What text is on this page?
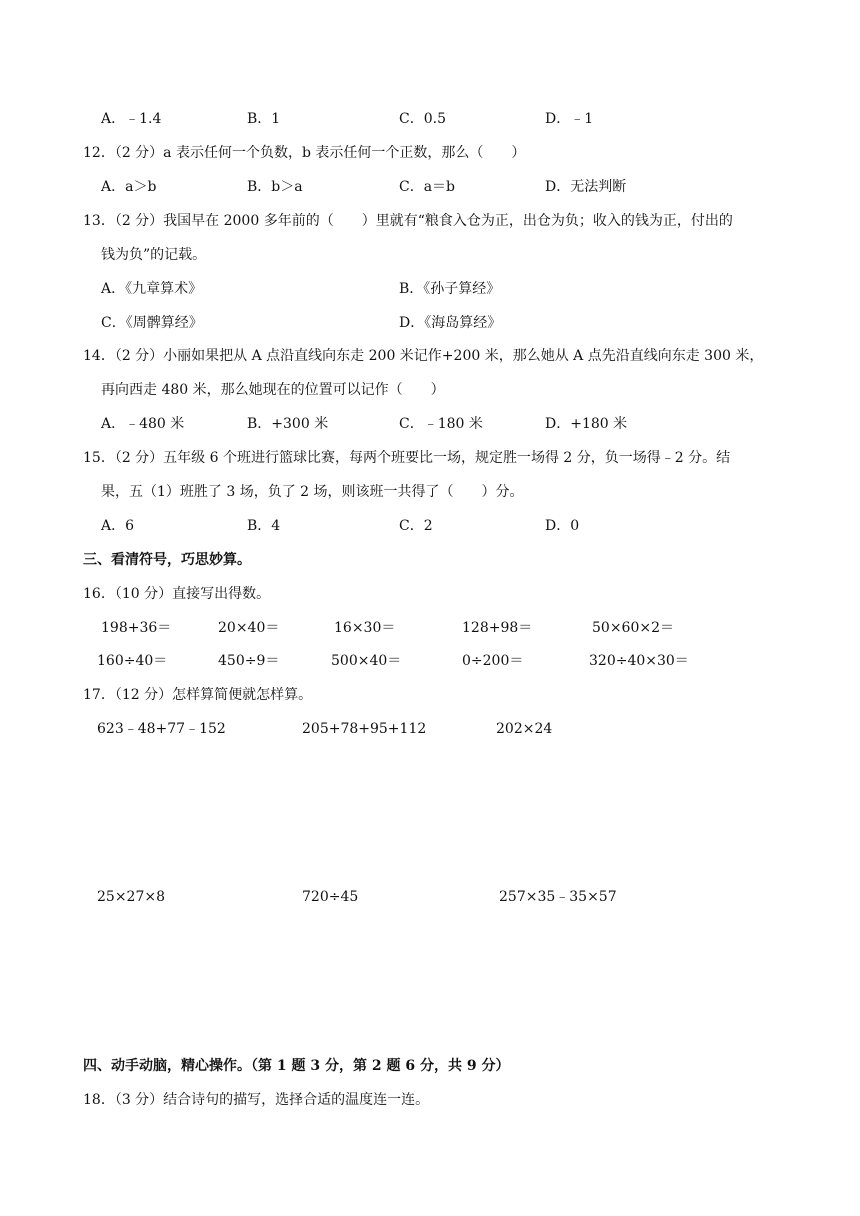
A．﹣1.4	B．1	C．0.5	D．﹣1
12．（2 分）a 表示任何一个负数，b 表示任何一个正数，那么（　　）
A．a＞b	B．b＞a	C．a＝b	D．无法判断
13．（2 分）我国早在 2000 多年前的（　　）里就有“粮食入仓为正，出仓为负；收入的钱为正，付出的
钱为负”的记载。
A．《九章算术》	B．《孙子算经》
C．《周髀算经》	D．《海岛算经》
14．（2 分）小丽如果把从 A 点沿直线向东走 200 米记作+200 米，那么她从 A 点先沿直线向东走 300 米，
再向西走 480 米，那么她现在的位置可以记作（　　）
A．﹣480 米	B．+300 米	C．﹣180 米	D．+180 米
15．（2 分）五年级 6 个班进行篮球比赛，每两个班要比一场，规定胜一场得 2 分，负一场得﹣2 分。结
果，五（1）班胜了 3 场，负了 2 场，则该班一共得了（　　）分。
A．6	B．4	C．2	D．0
三、看清符号，巧思妙算。
16．（10 分）直接写出得数。
198+36＝	20×40＝	16×30＝	128+98＝	50×60×2＝
160÷40＝	450÷9＝	500×40＝	0÷200＝	320÷40×30＝
17．（12 分）怎样算简便就怎样算。
623﹣48+77﹣152	205+78+95+112	202×24
25×27×8	720÷45	257×35﹣35×57
四、动手动脑，精心操作。（第 1 题 3 分，第 2 题 6 分，共 9 分）
18．（3 分）结合诗句的描写，选择合适的温度连一连。
